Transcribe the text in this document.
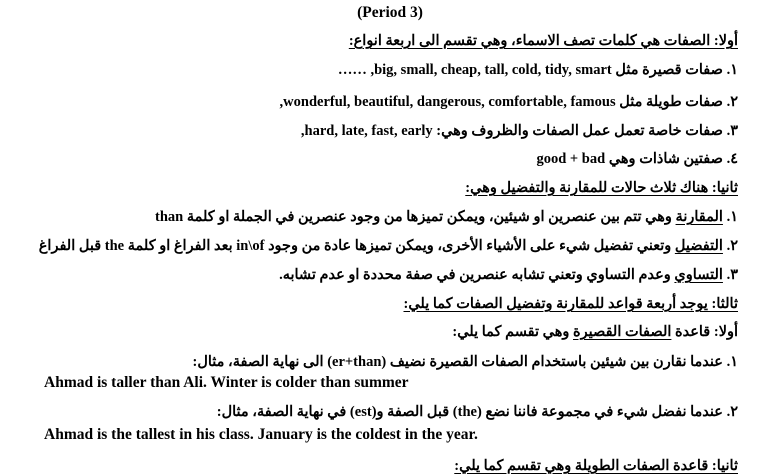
(Period 3)
أولا: الصفات هي كلمات تصف الاسماء، وهي تقسم الى اربعة انواع:
١. صفات قصيرة مثل big, small, cheap, tall, cold, tidy, smart, ……
٢. صفات طويلة مثل wonderful, beautiful, dangerous, comfortable, famous,
٣. صفات خاصة تعمل عمل الصفات والظروف وهي: hard, late, fast, early,
٤. صفتين شاذات وهي good + bad
ثانيا: هناك ثلاث حالات للمقارنة والتفضيل وهي:
١. المقارنة وهي تتم بين عنصرين او شيئين، ويمكن تميزها من وجود عنصرين في الجملة او كلمة than
٢. التفضيل وتعني تفضيل شيء على الأشياء الأخرى، ويمكن تميزها عادة من وجود in\of بعد الفراغ او كلمة the قبل الفراغ
٣. التساوي وعدم التساوي وتعني تشابه عنصرين في صفة محددة او عدم تشابه.
ثالثا: يوجد أربعة قواعد للمقارنة وتفضيل الصفات كما يلي:
أولا: قاعدة الصفات القصيرة وهي تقسم كما يلي:
١. عندما نقارن بين شيئين باستخدام الصفات القصيرة نضيف (er+than) الى نهاية الصفة، مثال:
Ahmad is taller than Ali. Winter is colder than summer
٢. عندما نفضل شيء في مجموعة فاننا نضع (the) قبل الصفة و(est) في نهاية الصفة، مثال:
Ahmad is the tallest in his class. January is the coldest in the year.
ثانيا: قاعدة الصفات الطويلة وهي تقسم كما يلي:
